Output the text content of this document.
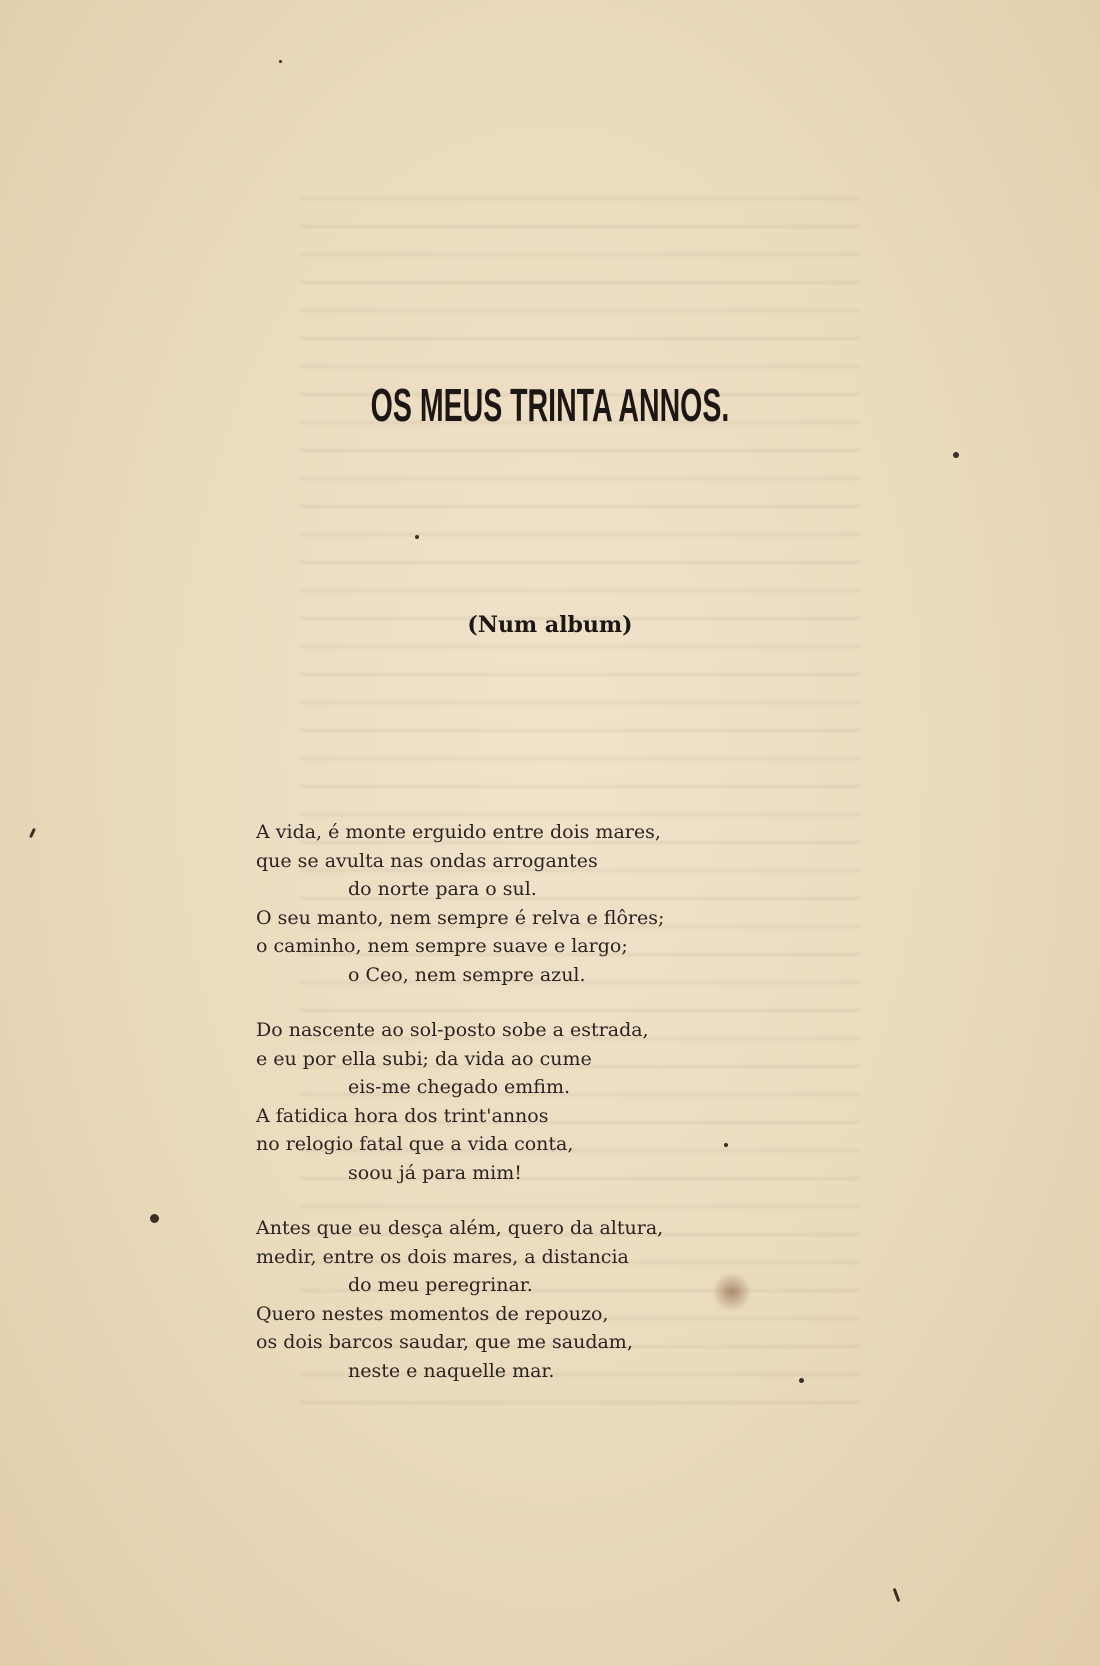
OS MEUS TRINTA ANNOS.
(Num album)
A vida, é monte erguido entre dois mares,
que se avulta nas ondas arrogantes
do norte para o sul.
O seu manto, nem sempre é relva e flôres;
o caminho, nem sempre suave e largo;
o Ceo, nem sempre azul.
Do nascente ao sol-posto sobe a estrada,
e eu por ella subi; da vida ao cume
eis-me chegado emfim.
A fatidica hora dos trint'annos
no relogio fatal que a vida conta,
soou já para mim!
Antes que eu desça além, quero da altura,
medir, entre os dois mares, a distancia
do meu peregrinar.
Quero nestes momentos de repouzo,
os dois barcos saudar, que me saudam,
neste e naquelle mar.
